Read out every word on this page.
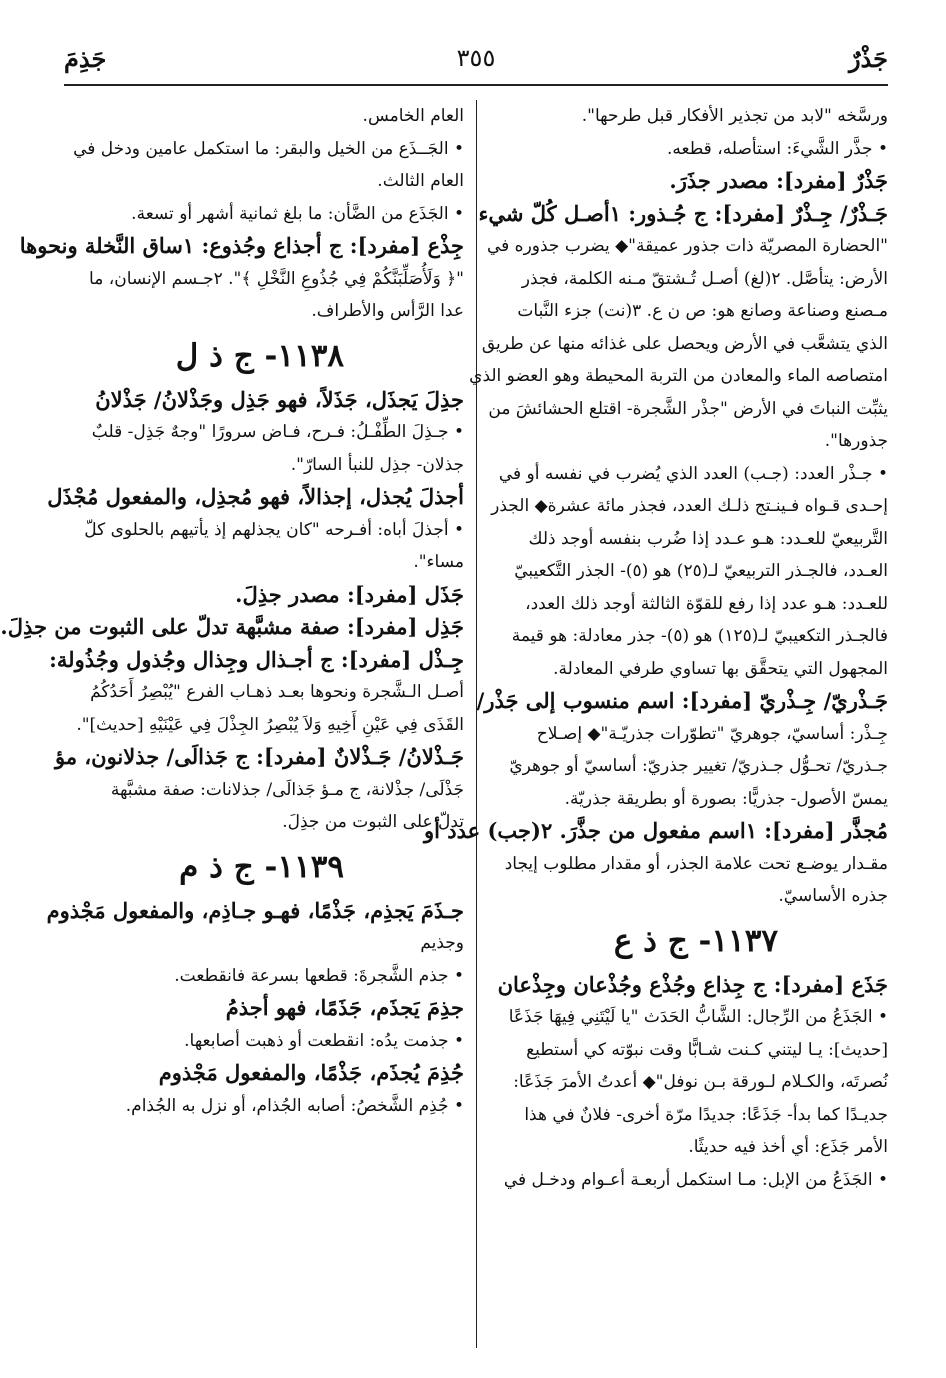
جَذْرٌ
٣٥٥
جَذِمَ
ورسَّخه "لابد من تجذير الأفكار قبل طرحها".
• جذَّر الشَّيءَ: استأصله، قطعه.
جَذْرٌ [مفرد]: مصدر جذَرَ.
جَـذْرٌ/ جِـذْرٌ [مفرد]: ج جُـذور: ١أصـل كُلّ شيء
"الحضارة المصريّة ذات جذور عميقة"◆ يضرب جذوره في
الأرض: يتأصَّل. ٢(لغ) أصـل تُـشتقّ مـنه الكلمة، فجذر
مـصنع وصناعة وصانع هو: ص ن ع. ٣(نت) جزء النَّبات
الذي يتشعَّب في الأرض ويحصل على غذائه منها عن طريق
امتصاصه الماء والمعادن من التربة المحيطة وهو العضو الذي
يثبِّت النباتَ في الأرض "جذْر الشَّجرة- اقتلع الحشائشَ من
جذورها".
• جـذْر العدد: (جـب) العدد الذي يُضرب في نفسه أو في
إحـدى قـواه فـينـتج ذلـك العدد، فجذر مائة عشرة◆ الجذر
التَّربيعيّ للعـدد: هـو عـدد إذا ضُرب بنفسه أوجد ذلك
العـدد، فالجـذر التربيعيّ لـ(٢٥) هو (٥)- الجذر التَّكعيبيّ
للعـدد: هـو عدد إذا رفع للقوّة الثالثة أوجد ذلك العدد،
فالجـذر التكعيبيّ لـ(١٢٥) هو (٥)- جذر معادلة: هو قيمة
المجهول التي يتحقَّق بها تساوي طرفي المعادلة.
جَـذْريّ/ جِـذْريّ [مفرد]: اسم منسوب إلى جَذْر/
جِـذْر: أساسيّ، جوهريّ "تطوّرات جذريّـة"◆ إصـلاح
جـذريّ/ تحـوُّل جـذريّ/ تغيير جذريّ: أساسيّ أو جوهريّ
يمسّ الأصول- جذريًّا: بصورة أو بطريقة جذريّة.
مُجذَّر [مفرد]: ١اسم مفعول من جذَّرَ. ٢(جب) عدد أو
مقـدار يوضـع تحت علامة الجذر، أو مقدار مطلوب إيجاد
جذره الأساسيّ.
١١٣٧- ج ذ ع
جَذَع [مفرد]: ج جِذاع وجُذْع وجُذْعان وجِذْعان
• الجَذَعُ من الرِّجال: الشَّابُّ الحَدَث "يا لَيْتَنِي فِيهَا جَذَعًا
[حديث]: يـا ليتني كـنت شـابًّا وقت نبوّته كي أستطيع
نُصرتَه، والكـلام لـورقة بـن نوفل"◆ أعدتُ الأمرَ جَذَعًا:
جديـدًا كما بدأ- جَذَعًا: جديدًا مرّة أخرى- فلانٌ في هذا
الأمر جَذَع: أي أخذ فيه حديثًا.
• الجَذَعُ من الإبل: مـا استكمل أربعـة أعـوام ودخـل في
العام الخامس.
• الجَــذَع من الخيل والبقر: ما استكمل عامين ودخل في
العام الثالث.
• الجَذَع من الضَّأن: ما بلغ ثمانية أشهر أو تسعة.
جِذْع [مفرد]: ج أجذاع وجُذوع: ١ساق النَّخلة ونحوها
"﴿ وَلَأُصَلِّبَنَّكُمْ فِي جُذُوعِ النَّخْلِ ﴾". ٢جـسم الإنسان، ما
عدا الرَّأس والأطراف.
١١٣٨- ج ذ ل
جذِلَ يَجذَل، جَذَلاً، فهو جَذِل وجَذْلانُ/ جَذْلانُ
• جـذِلَ الطِّفْـلُ: فـرح، فـاض سرورًا "وجهٌ جَذِل- قلبٌ
جذلان- جذِل للنبأ السارّ".
أجذلَ يُجذل، إجذالاً، فهو مُجذِل، والمفعول مُجْذَل
• أجذلَ أباه: أفـرحه "كان يجذلهم إذ يأتيهم بالحلوى كلّ
مساء".
جَذَل [مفرد]: مصدر جذِلَ.
جَذِل [مفرد]: صفة مشبَّهة تدلّ على الثبوت من جذِلَ.
جِـذْل [مفرد]: ج أجـذال وجِذال وجُذول وجُذُولة:
أصـل الـشَّجرة ونحوها بعـد ذهـاب الفرع "يُبْصِرُ أَحَدُكُمُ
القَذَى فِي عَيْنِ أَخِيهِ وَلاَ يُبْصِرُ الجِذْلَ فِي عَيْنَيْهِ [حديث]".
جَـذْلانُ/ جَـذْلانٌ [مفرد]: ج جَذالَى/ جذلانون، مؤ
جَذْلَى/ جذْلانة، ج مـؤ جَذالَى/ جذلانات: صفة مشبَّهة
تدلّ على الثبوت من جذِلَ.
١١٣٩- ج ذ م
جـذَمَ يَجذِم، جَذْمًا، فهـو جـاذِم، والمفعول مَجْذوم
وجذيم
• جذم الشَّجرةَ: قطعها بسرعة فانقطعت.
جذِمَ يَجذَم، جَذَمًا، فهو أجذمُ
• جذمت يدُه: انقطعت أو ذهبت أصابعها.
جُذِمَ يُجذَم، جَذْمًا، والمفعول مَجْذوم
• جُذِم الشَّخصُ: أصابه الجُذام، أو نزل به الجُذام.
